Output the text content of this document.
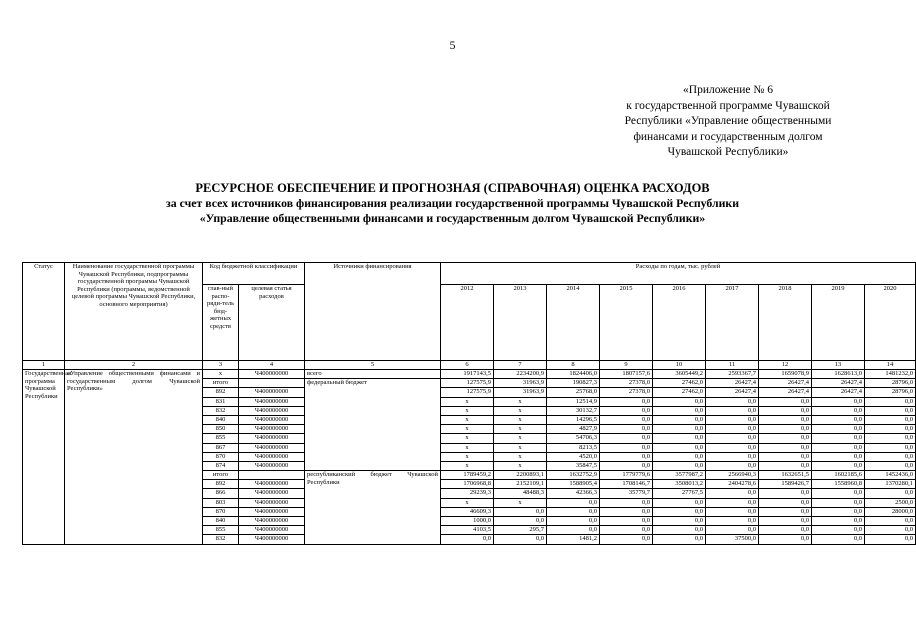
5
«Приложение № 6
к государственной программе Чувашской
Республики «Управление общественными
финансами и государственным долгом
Чувашской Республики»
РЕСУРСНОЕ ОБЕСПЕЧЕНИЕ И ПРОГНОЗНАЯ (СПРАВОЧНАЯ) ОЦЕНКА РАСХОДОВ
за счет всех источников финансирования реализации государственной программы Чувашской Республики
«Управление общественными финансами и государственным долгом Чувашской Республики»
Статус	Наименование государственной программы Чувашской Республики, подпрограммы государственной программы Чувашской Республики (программы, ведомственной целевой программы Чувашской Республики, основного мероприятия)	Код бюджетной классификации		Источники финансирования	Расходы по годам, тыс. рублей								
		глав-ный распо-ряди-тель бюд-жетных средств	целевая статья расходов		2012	2013	2014	2015	2016	2017	2018	2019	2020
1	2	3	4	5	6	7	8	9	10	11	12	13	14
Государственная программа Чувашской Республики	«Управление общественными финансами и государственным долгом Чувашской Республики»	x	Ч400000000	всего	1917143,5	2234200,9	1824406,0	1807157,6	3605449,2	2593367,7	1659078,9	1628613,0	1481232,0
		итого		федеральный бюджет	127575,9	31963,9	190827,3	27378,0	27462,0	26427,4	26427,4	26427,4	28796,0
		892	Ч400000000		127575,9	31963,9	25768,0	27378,0	27462,0	26427,4	26427,4	26427,4	28796,0
		831	Ч400000000		x	x	12514,9	0,0	0,0	0,0	0,0	0,0	0,0
		832	Ч400000000		x	x	30132,7	0,0	0,0	0,0	0,0	0,0	0,0
		840	Ч400000000		x	x	14296,5	0,0	0,0	0,0	0,0	0,0	0,0
		850	Ч400000000		x	x	4827,9	0,0	0,0	0,0	0,0	0,0	0,0
		855	Ч400000000		x	x	54706,3	0,0	0,0	0,0	0,0	0,0	0,0
		867	Ч400000000		x	x	8213,5	0,0	0,0	0,0	0,0	0,0	0,0
		870	Ч400000000		x	x	4520,0	0,0	0,0	0,0	0,0	0,0	0,0
		874	Ч400000000		x	x	35847,5	0,0	0,0	0,0	0,0	0,0	0,0
		итого		республиканский бюджет Чувашской Республики	1789459,2	2200893,1	1632752,9	1779779,6	3577987,2	2566940,3	1632651,5	1602185,6	1452436,0
		892	Ч400000000		1706968,8	2152109,1	1588905,4	1708146,7	3508013,2	2404278,6	1589426,7	1558960,8	1370280,1
		866	Ч400000000		29239,3	48488,3	42366,3	35779,7	27767,5	0,0	0,0	0,0	0,0
		803	Ч400000000		x	x	0,0	0,0	0,0	0,0	0,0	0,0	2500,0
		870	Ч400000000		46609,3	0,0	0,0	0,0	0,0	0,0	0,0	0,0	28000,0
		840	Ч400000000		1000,0	0,0	0,0	0,0	0,0	0,0	0,0	0,0	0,0
		855	Ч400000000		4103,5	295,7	0,0	0,0	0,0	0,0	0,0	0,0	0,0
		832	Ч400000000		0,0	0,0	1481,2	0,0	0,0	37500,0	0,0	0,0	0,0
